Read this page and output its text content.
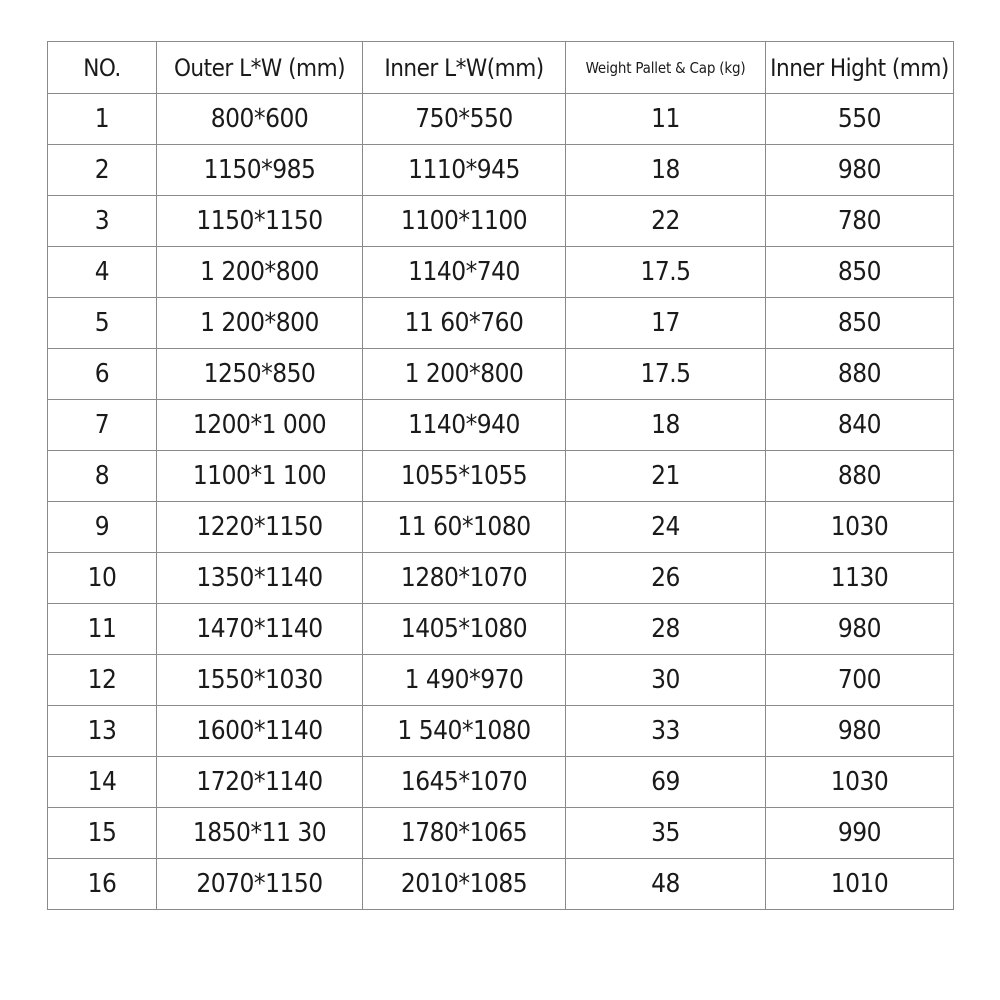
NO.	Outer L*W (mm)	Inner L*W(mm)	Weight Pallet & Cap (kg)	Inner Hight (mm)
1	800*600	750*550	11	550
2	1150*985	1110*945	18	980
3	1150*1150	1100*1100	22	780
4	1 200*800	1140*740	17.5	850
5	1 200*800	11 60*760	17	850
6	1250*850	1 200*800	17.5	880
7	1200*1 000	1140*940	18	840
8	1100*1 100	1055*1055	21	880
9	1220*1150	11 60*1080	24	1030
10	1350*1140	1280*1070	26	1130
11	1470*1140	1405*1080	28	980
12	1550*1030	1 490*970	30	700
13	1600*1140	1 540*1080	33	980
14	1720*1140	1645*1070	69	1030
15	1850*11 30	1780*1065	35	990
16	2070*1150	2010*1085	48	1010
